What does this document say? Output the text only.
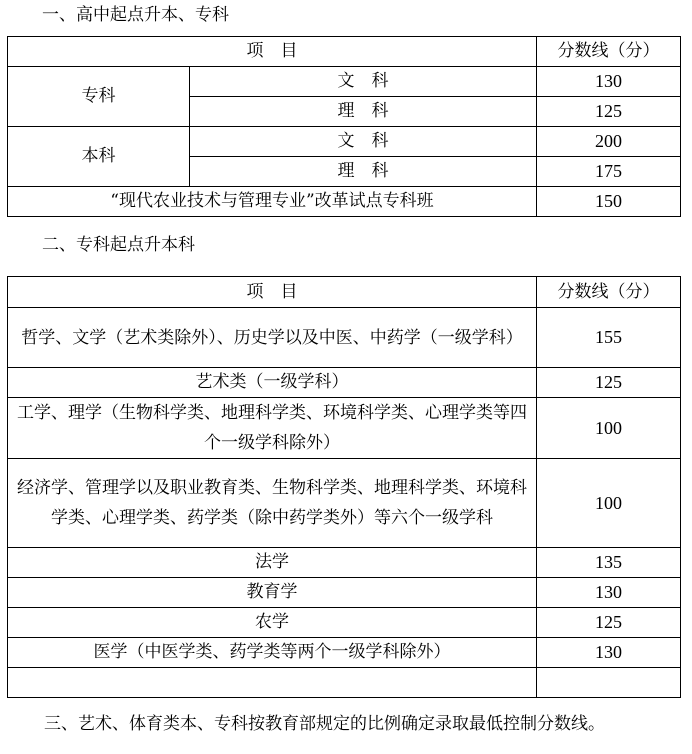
一、高中起点升本、专科
项　目		分数线（分）
专科	文　科	130
	理　科	125
本科	文　科	200
	理　科	175
“现代农业技术与管理专业”改革试点专科班		150
二、专科起点升本科
项　目	分数线（分）
哲学、文学（艺术类除外）、历史学以及中医、中药学（一级学科）	155
艺术类（一级学科）	125
工学、理学（生物科学类、地理科学类、环境科学类、心理学类等四个一级学科除外）	100
经济学、管理学以及职业教育类、生物科学类、地理科学类、环境科学类、心理学类、药学类（除中药学类外）等六个一级学科	100
法学	135
教育学	130
农学	125
医学（中医学类、药学类等两个一级学科除外）	130

三、艺术、体育类本、专科按教育部规定的比例确定录取最低控制分数线。
